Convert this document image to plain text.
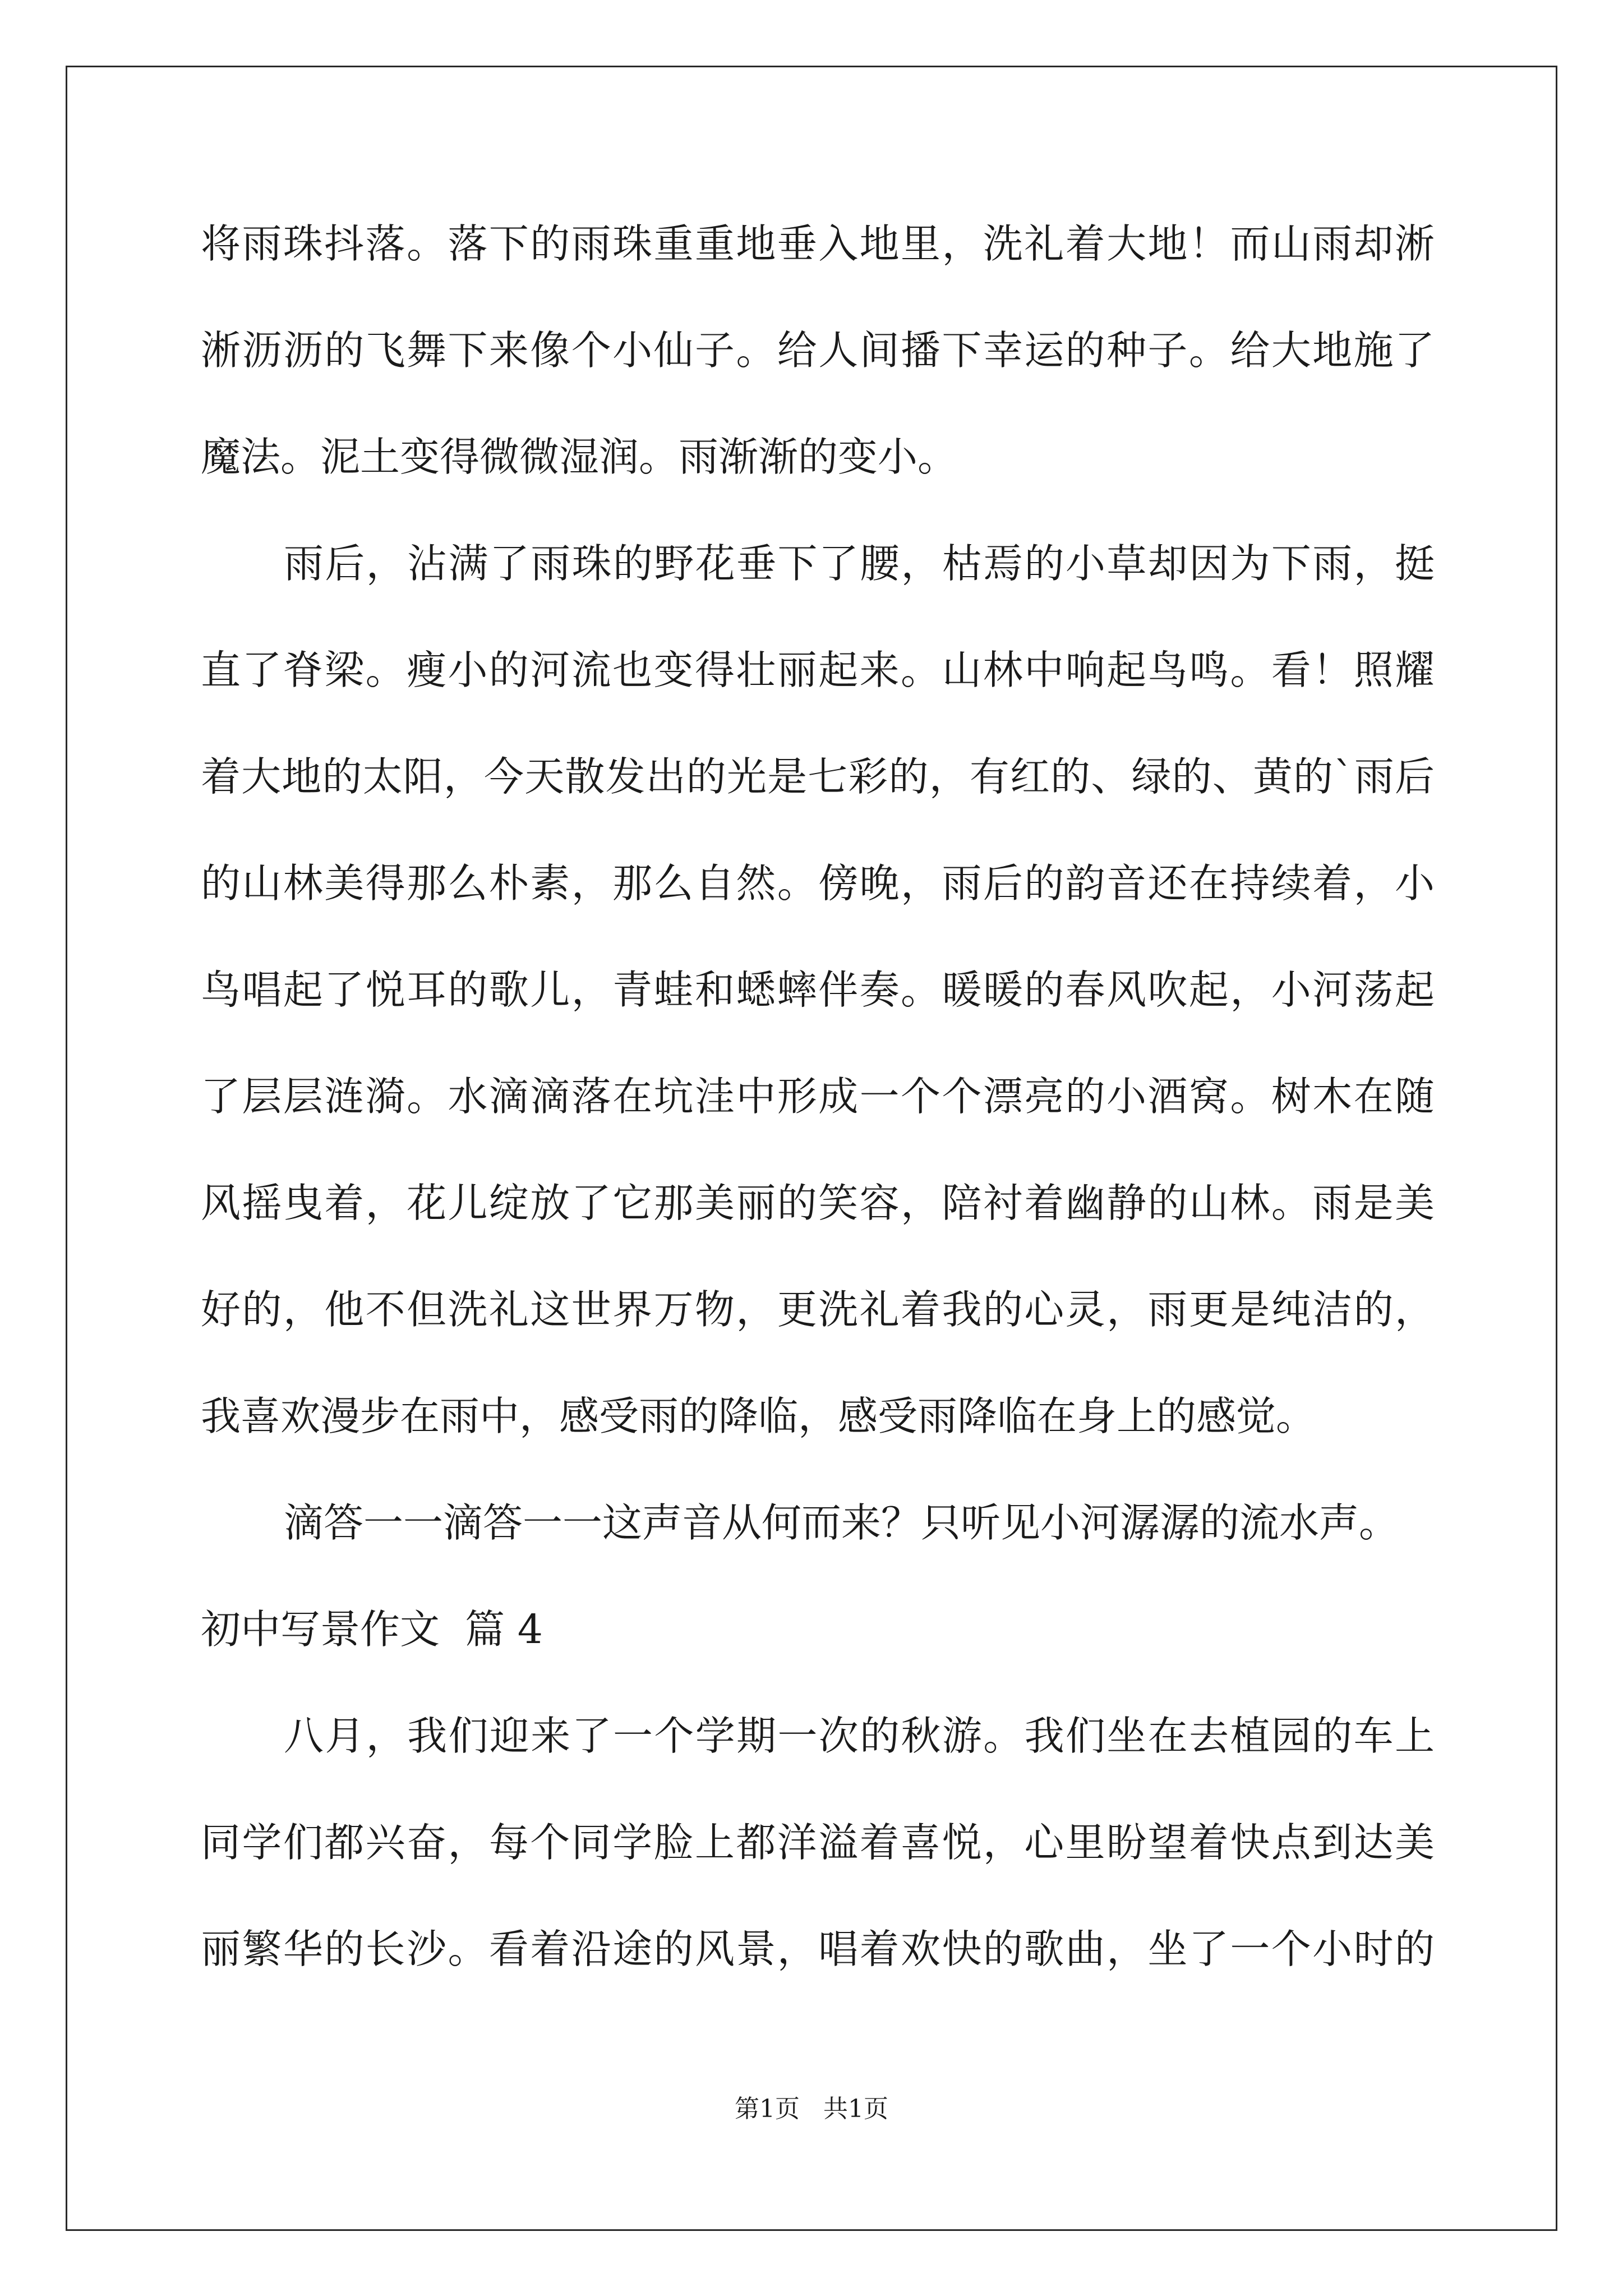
将雨珠抖落。落下的雨珠重重地垂入地里，洗礼着大地！而山雨却淅
淅沥沥的飞舞下来像个小仙子。给人间播下幸运的种子。给大地施了
魔法。泥土变得微微湿润。雨渐渐的变小。
雨后，沾满了雨珠的野花垂下了腰，枯焉的小草却因为下雨，挺
直了脊梁。瘦小的河流也变得壮丽起来。山林中响起鸟鸣。看！照耀
着大地的太阳，今天散发出的光是七彩的，有红的、绿的、黄的`雨后
的山林美得那么朴素，那么自然。傍晚，雨后的韵音还在持续着，小
鸟唱起了悦耳的歌儿，青蛙和蟋蟀伴奏。暖暖的春风吹起，小河荡起
了层层涟漪。水滴滴落在坑洼中形成一个个漂亮的小酒窝。树木在随
风摇曳着，花儿绽放了它那美丽的笑容，陪衬着幽静的山林。雨是美
好的，他不但洗礼这世界万物，更洗礼着我的心灵，雨更是纯洁的，
我喜欢漫步在雨中，感受雨的降临，感受雨降临在身上的感觉。
滴答一一滴答一一这声音从何而来？只听见小河潺潺的流水声。
初中写景作文  篇 4
八月，我们迎来了一个学期一次的秋游。我们坐在去植园的车上
同学们都兴奋，每个同学脸上都洋溢着喜悦，心里盼望着快点到达美
丽繁华的长沙。看着沿途的风景，唱着欢快的歌曲，坐了一个小时的
第1页   共1页
